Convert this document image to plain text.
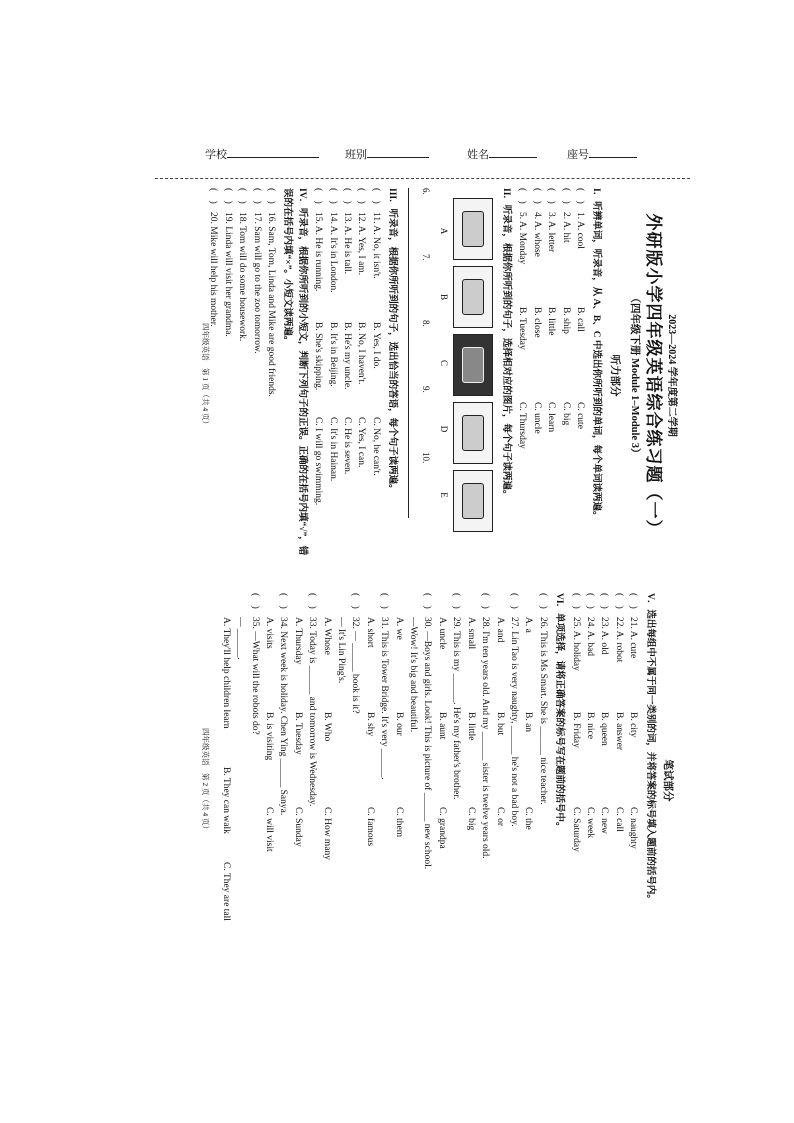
学校	班别	姓名	座号
2023—2024 学年度第二学期
外研版小学四年级英语综合练习题（一）
（四年级下册 Module 1–Module 3）
听力部分
I．听辨单词，听录音，从 A、B、C 中选出你所听到的单词，每个单词读两遍。
(　)
1. A. cool
B. call
C. cute
(　)
2. A. hit
B. ship
C. big
(　)
3. A. letter
B. little
C. learn
(　)
4. A. whose
B. close
C. uncle
(　)
5. A. Monday
B. Tuesday
C. Thursday
II．听录音，根据你所听到的句子，选择相对应的图片，每个句子读两遍。
A
B
C
D
E
6.
7.
8.
9.
10.
III．听录音，根据你所听到的句子，选出恰当的答语，每个句子读两遍。
(　)
11. A. No, it isn't.
B. Yes, I do.
C. No, he can't.
(　)
12. A. Yes, I am.
B. No, I haven't.
C. Yes, I can.
(　)
13. A. He is tall.
B. He's my uncle.
C. He is seven.
(　)
14. A. It's in London.
B. It's in Beijing.
C. It's in Hainan.
(　)
15. A. He is running.
B. She's skipping.
C. I will go swimming.
IV．听录音，根据你所听到的小短文，判断下列句子的正误。正确的在括号内填“√”，错误的在括号内填“×”。小短文读两遍。
(　)
16. Sam, Tom, Linda and Mike are good friends.
(　)
17. Sam will go to the zoo tomorrow.
(　)
18. Tom will do some housework.
(　)
19. Linda will visit her grandma.
(　)
20. Mike will help his mother.
四年级英语　第 1 页（共 4 页）
笔试部分
V．选出每组中不属于同一类别的词，并将答案的标号填入题前的括号内。
(　)
21. A. cute
B. city
C. naughty
(　)
22. A. robot
B. answer
C. call
(　)
23. A. old
B. queen
C. new
(　)
24. A. bad
B. nice
C. week
(　)
25. A. holiday
B. Friday
C. Saturday
VI．单项选择，请将正确答案的标号写在题前的括号中。
(　)
26. This is Ms Smart. She is ______ nice teacher.
A. a
B. an
C. the
(　)
27. Lin Tao is very naughty, ______ he's not a bad boy.
A. and
B. but
C. or
(　)
28. I'm ten years old. And my ______ sister is twelve years old.
A. small
B. little
C. big
(　)
29. This is my ______. He's my father's brother.
A. uncle
B. aunt
C. grandpa
(　)
30. —Boys and girls. Look! This is picture of ______ new school.
—Wow! It's big and beautiful.
A. we
B. our
C. them
(　)
31. This is Tower Bridge. It's very ______.
A. short
B. shy
C. famous
(　)
32. — ______ book is it?
— It's Lin Ping's.
A. Whose
B. Who
C. How many
(　)
33. Today is ______ and tomorrow is Wednesday.
A. Thursday
B. Tuesday
C. Sunday
(　)
34. Next week is holiday. Chen Ying ______ Sanya.
A. visits
B. is visiting
C. will visit
(　)
35. —What will the robots do?
— ______.
A. They'll help children learn
B. They can walk
C. They are tall
四年级英语　第 2 页（共 4 页）
